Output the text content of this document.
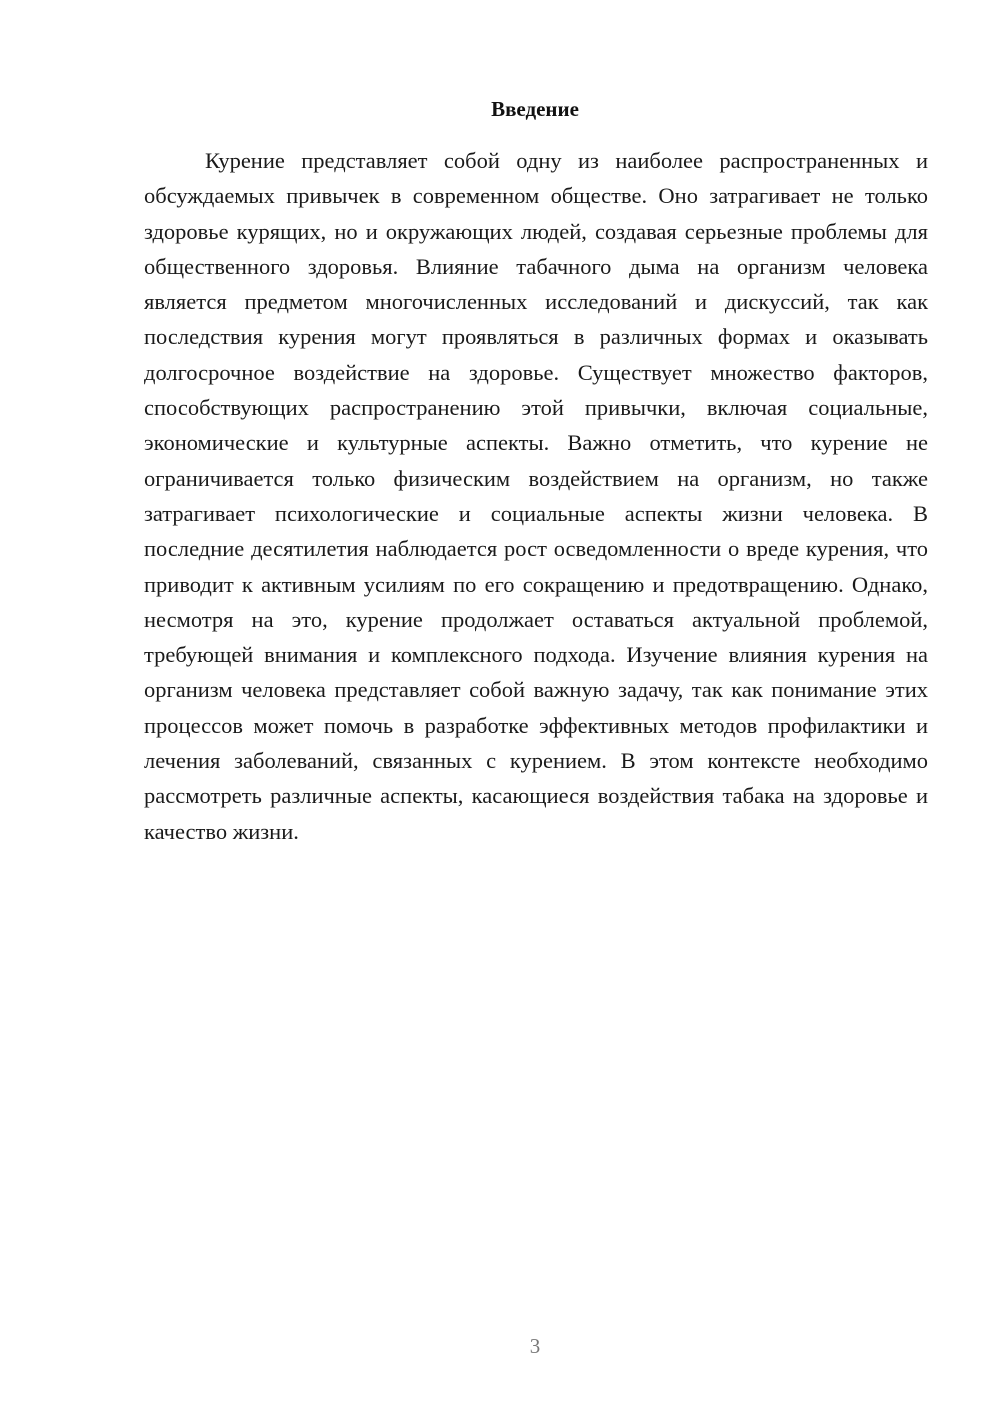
Введение

Курение представляет собой одну из наиболее распространенных и обсуждаемых привычек в современном обществе. Оно затрагивает не только здоровье курящих, но и окружающих людей, создавая серьезные проблемы для общественного здоровья. Влияние табачного дыма на организм человека является предметом многочисленных исследований и дискуссий, так как последствия курения могут проявляться в различных формах и оказывать долгосрочное воздействие на здоровье. Существует множество факторов, способствующих распространению этой привычки, включая социальные, экономические и культурные аспекты. Важно отметить, что курение не ограничивается только физическим воздействием на организм, но также затрагивает психологические и социальные аспекты жизни человека. В последние десятилетия наблюдается рост осведомленности о вреде курения, что приводит к активным усилиям по его сокращению и предотвращению. Однако, несмотря на это, курение продолжает оставаться актуальной проблемой, требующей внимания и комплексного подхода. Изучение влияния курения на организм человека представляет собой важную задачу, так как понимание этих процессов может помочь в разработке эффективных методов профилактики и лечения заболеваний, связанных с курением. В этом контексте необходимо рассмотреть различные аспекты, касающиеся воздействия табака на здоровье и качество жизни.

3
